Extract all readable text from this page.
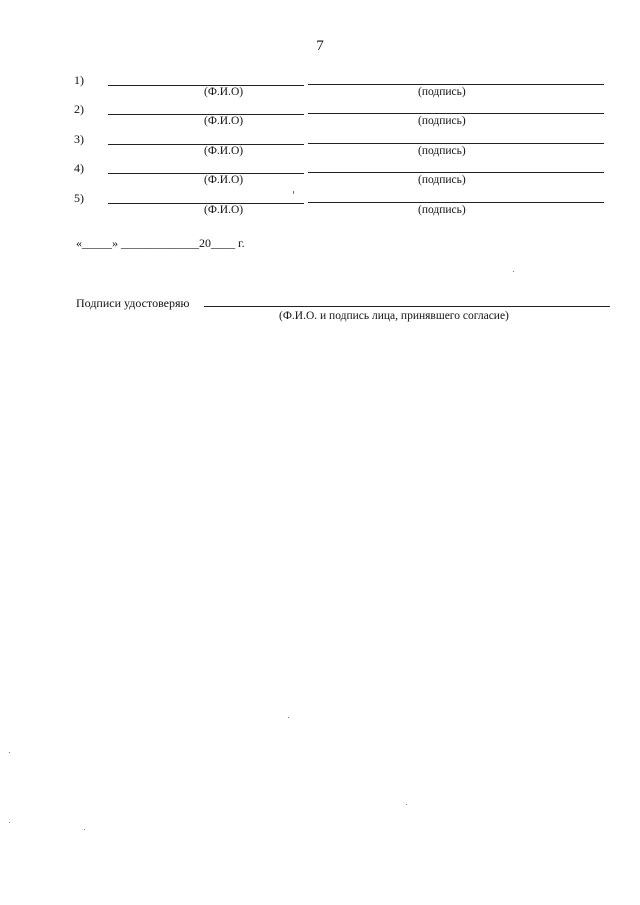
7
1)
(Ф.И.О)	(подпись)
2)
(Ф.И.О)	(подпись)
3)
(Ф.И.О)	(подпись)
4)
(Ф.И.О)	(подпись)
5)
(Ф.И.О)	(подпись)
«_____» _____________20____ г.
Подписи удостоверяю
(Ф.И.О. и подпись лица, принявшего согласие)
